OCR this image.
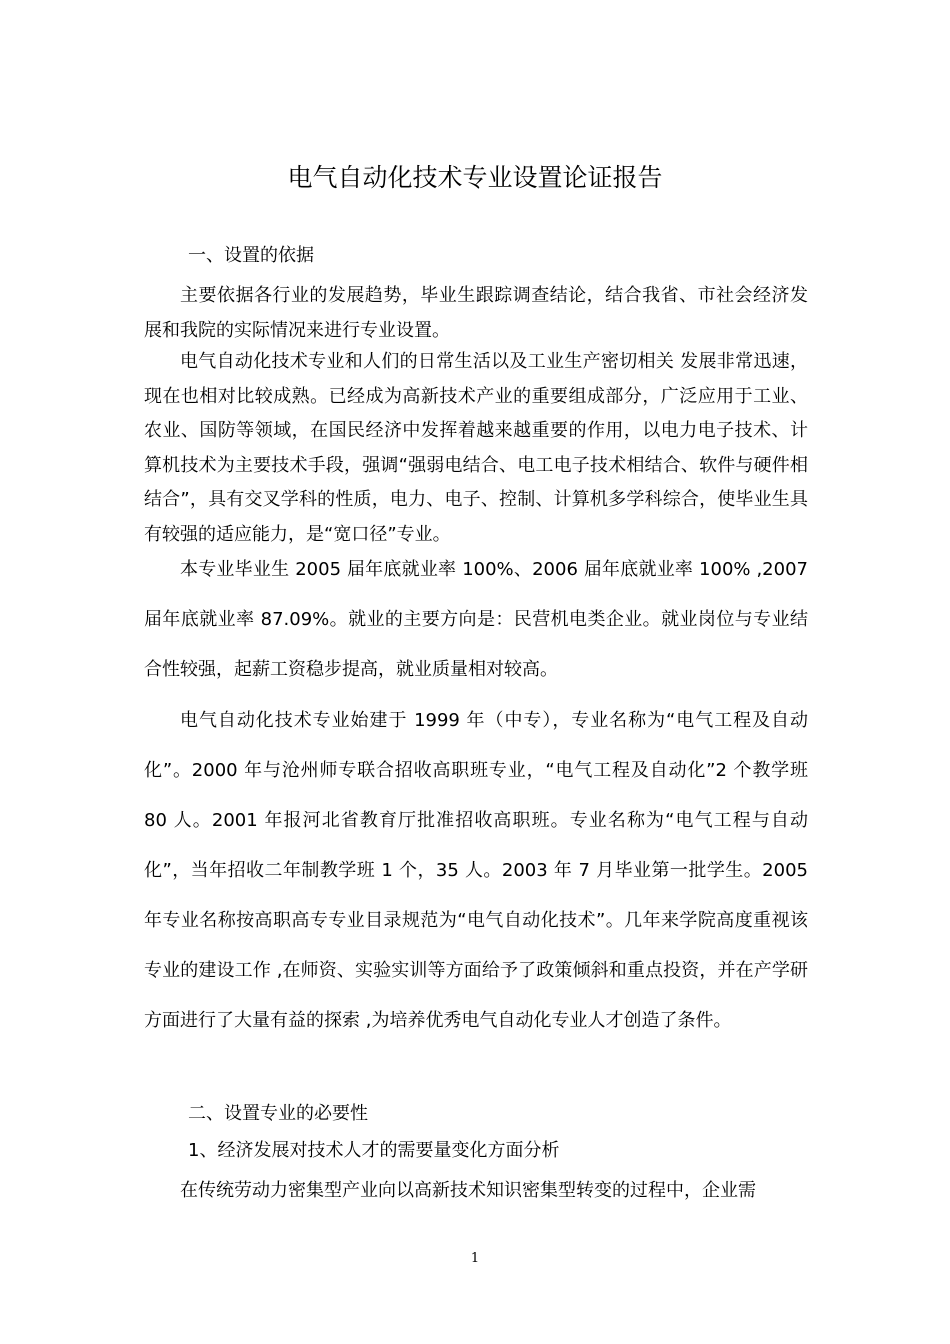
电气自动化技术专业设置论证报告
一、设置的依据
主要依据各行业的发展趋势，毕业生跟踪调查结论，结合我省、市社会经济发展和我院的实际情况来进行专业设置。
电气自动化技术专业和人们的日常生活以及工业生产密切相关 发展非常迅速，现在也相对比较成熟。已经成为高新技术产业的重要组成部分，广泛应用于工业、农业、国防等领域，在国民经济中发挥着越来越重要的作用，以电力电子技术、计算机技术为主要技术手段，强调“强弱电结合、电工电子技术相结合、软件与硬件相结合”，具有交叉学科的性质，电力、电子、控制、计算机多学科综合，使毕业生具有较强的适应能力，是“宽口径”专业。
本专业毕业生 2005 届年底就业率 100%、2006 届年底就业率 100% ,2007 届年底就业率 87.09%。就业的主要方向是：民营机电类企业。就业岗位与专业结合性较强，起薪工资稳步提高，就业质量相对较高。
电气自动化技术专业始建于 1999 年（中专），专业名称为“电气工程及自动化”。2000 年与沧州师专联合招收高职班专业，“电气工程及自动化”2 个教学班 80 人。2001 年报河北省教育厅批准招收高职班。专业名称为“电气工程与自动化”，当年招收二年制教学班 1 个，35 人。2003 年 7 月毕业第一批学生。2005 年专业名称按高职高专专业目录规范为“电气自动化技术”。几年来学院高度重视该专业的建设工作 ,在师资、实验实训等方面给予了政策倾斜和重点投资，并在产学研方面进行了大量有益的探索 ,为培养优秀电气自动化专业人才创造了条件。
二、设置专业的必要性
1、经济发展对技术人才的需要量变化方面分析
在传统劳动力密集型产业向以高新技术知识密集型转变的过程中，企业需
1
